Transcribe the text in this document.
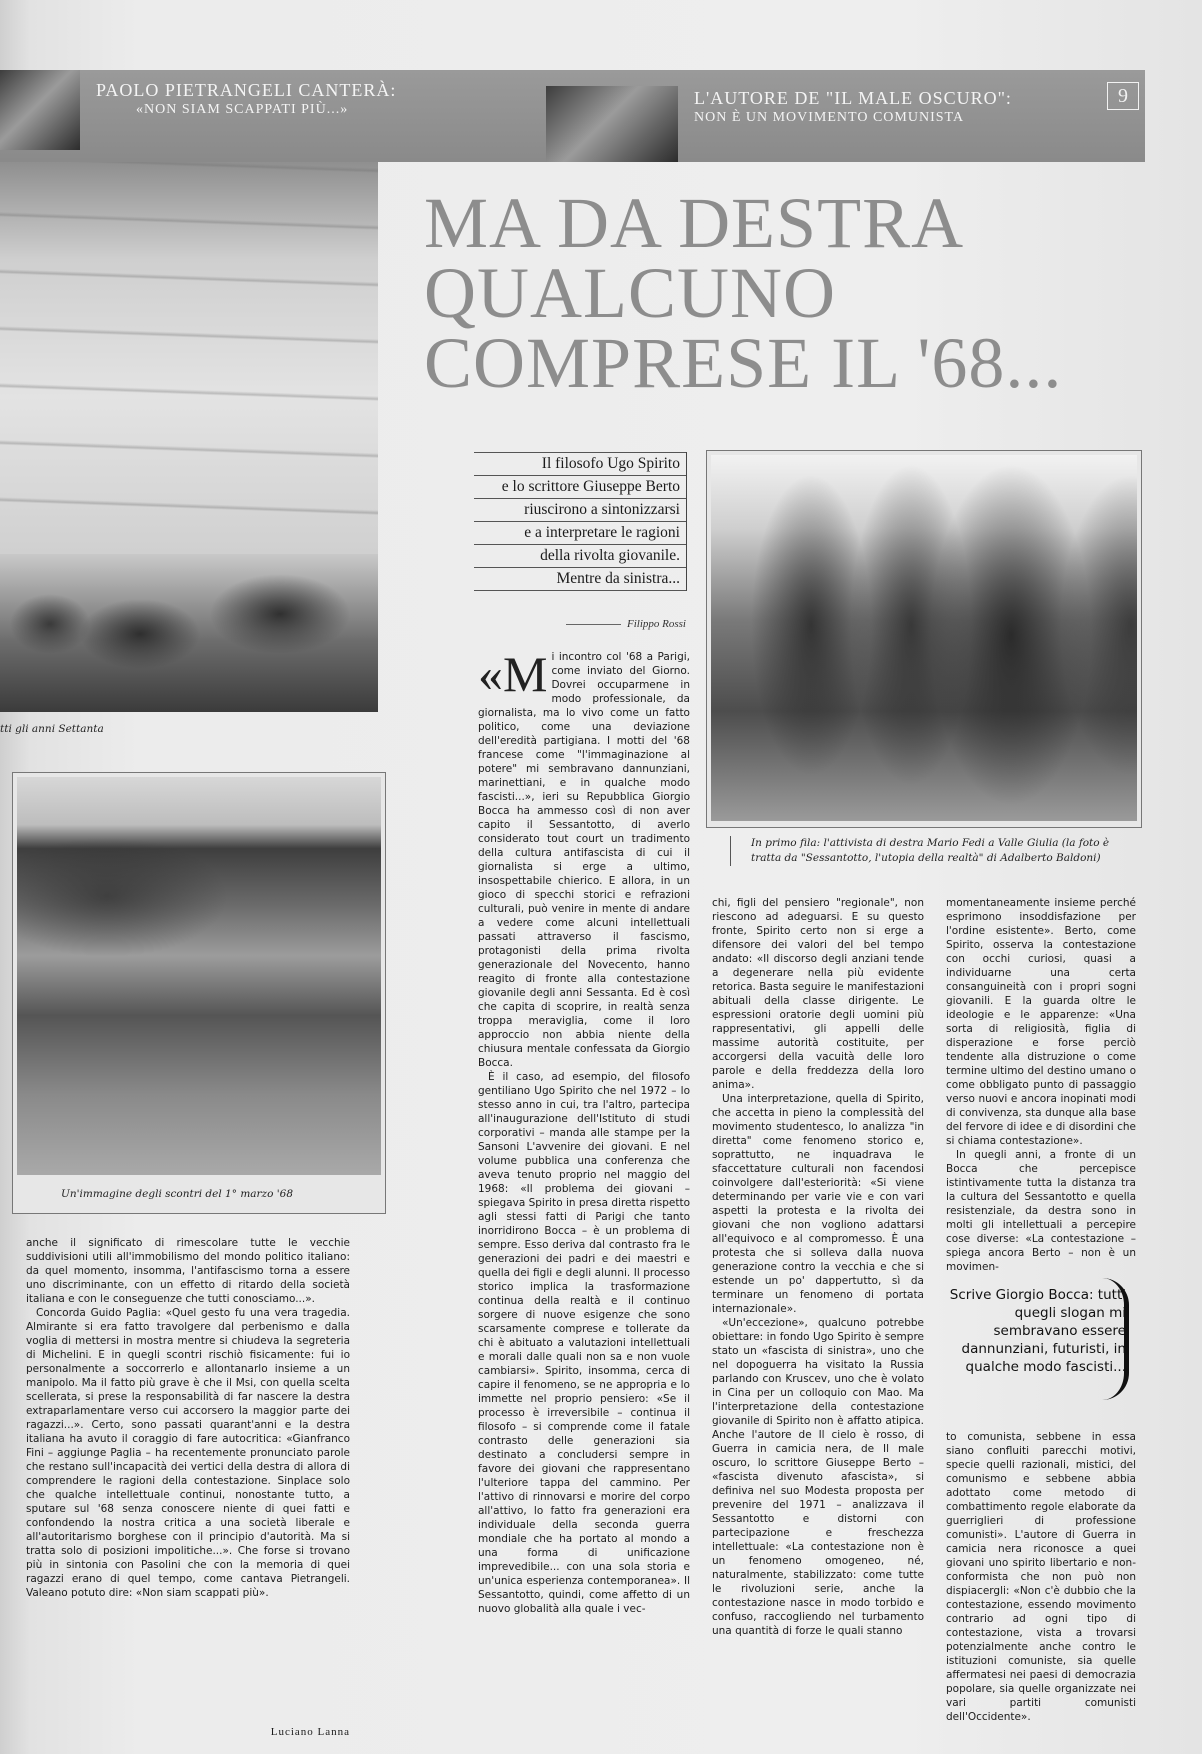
PAOLO PIETRANGELI CANTERÀ:
«NON SIAM SCAPPATI PIÙ...»
L'AUTORE DE "IL MALE OSCURO":
NON È UN MOVIMENTO COMUNISTA
9
tti gli anni Settanta
Un'immagine degli scontri del 1° marzo '68
MA DA DESTRA
QUALCUNO
COMPRESE IL '68...
Il filosofo Ugo Spirito
e lo scrittore Giuseppe Berto
riuscirono a sintonizzarsi
e a interpretare le ragioni
della rivolta giovanile.
Mentre da sinistra...
Filippo Rossi
In primo fila: l'attivista di destra Mario Fedi a Valle Giulia (la foto è tratta da "Sessantotto, l'utopia della realtà" di Adalberto Baldoni)
«M i incontro col '68 a Parigi, come inviato del Giorno. Dovrei occuparmene in modo professionale, da giornalista, ma lo vivo come un fatto politico, come una deviazione dell'eredità partigiana. I motti del '68 francese come "l'immaginazione al potere" mi sembravano dannunziani, marinettiani, e in qualche modo fascisti...», ieri su Repubblica Giorgio Bocca ha ammesso così di non aver capito il Sessantotto, di averlo considerato tout court un tradimento della cultura antifascista di cui il giornalista si erge a ultimo, insospettabile chierico. E allora, in un gioco di specchi storici e refrazioni culturali, può venire in mente di andare a vedere come alcuni intellettuali passati attraverso il fascismo, protagonisti della prima rivolta generazionale del Novecento, hanno reagito di fronte alla contestazione giovanile degli anni Sessanta. Ed è così che capita di scoprire, in realtà senza troppa meraviglia, come il loro approccio non abbia niente della chiusura mentale confessata da Giorgio Bocca.

È il caso, ad esempio, del filosofo gentiliano Ugo Spirito che nel 1972 – lo stesso anno in cui, tra l'altro, partecipa all'inaugurazione dell'Istituto di studi corporativi – manda alle stampe per la Sansoni L'avvenire dei giovani. E nel volume pubblica una conferenza che aveva tenuto proprio nel maggio del 1968: «Il problema dei giovani – spiegava Spirito in presa diretta rispetto agli stessi fatti di Parigi che tanto inorridirono Bocca – è un problema di sempre. Esso deriva dal contrasto fra le generazioni dei padri e dei maestri e quella dei figli e degli alunni. Il processo storico implica la trasformazione continua della realtà e il continuo sorgere di nuove esigenze che sono scarsamente comprese e tollerate da chi è abituato a valutazioni intellettuali e morali dalle quali non sa e non vuole cambiarsi». Spirito, insomma, cerca di capire il fenomeno, se ne appropria e lo immette nel proprio pensiero: «Se il processo è irreversibile – continua il filosofo – si comprende come il fatale contrasto delle generazioni sia destinato a concludersi sempre in favore dei giovani che rappresentano l'ulteriore tappa del cammino. Per l'attivo di rinnovarsi e morire del corpo all'attivo, lo fatto fra generazioni era individuale della seconda guerra mondiale che ha portato al mondo a una forma di unificazione imprevedibile... con una sola storia e un'unica esperienza contemporanea». Il Sessantotto, quindi, come affetto di un nuovo globalità alla quale i vec-

chi, figli del pensiero "regionale", non riescono ad adeguarsi. E su questo fronte, Spirito certo non si erge a difensore dei valori del bel tempo andato: «Il discorso degli anziani tende a degenerare nella più evidente retorica. Basta seguire le manifestazioni abituali della classe dirigente. Le espressioni oratorie degli uomini più rappresentativi, gli appelli delle massime autorità costituite, per accorgersi della vacuità delle loro parole e della freddezza della loro anima».

Una interpretazione, quella di Spirito, che accetta in pieno la complessità del movimento studentesco, lo analizza "in diretta" come fenomeno storico e, soprattutto, ne inquadrava le sfaccettature culturali non facendosi coinvolgere dall'esteriorità: «Si viene determinando per varie vie e con vari aspetti la protesta e la rivolta dei giovani che non vogliono adattarsi all'equivoco e al compromesso. È una protesta che si solleva dalla nuova generazione contro la vecchia e che si estende un po' dappertutto, sì da terminare un fenomeno di portata internazionale».

«Un'eccezione», qualcuno potrebbe obiettare: in fondo Ugo Spirito è sempre stato un «fascista di sinistra», uno che nel dopoguerra ha visitato la Russia parlando con Kruscev, uno che è volato in Cina per un colloquio con Mao. Ma l'interpretazione della contestazione giovanile di Spirito non è affatto atipica. Anche l'autore de Il cielo è rosso, di Guerra in camicia nera, de Il male oscuro, lo scrittore Giuseppe Berto – «fascista divenuto afascista», si definiva nel suo Modesta proposta per prevenire del 1971 – analizzava il Sessantotto e distorni con partecipazione e freschezza intellettuale: «La contestazione non è un fenomeno omogeneo, né, naturalmente, stabilizzato: come tutte le rivoluzioni serie, anche la contestazione nasce in modo torbido e confuso, raccogliendo nel turbamento una quantità di forze le quali stanno

momentaneamente insieme perché esprimono insoddisfazione per l'ordine esistente». Berto, come Spirito, osserva la contestazione con occhi curiosi, quasi a individuarne una certa consanguineità con i propri sogni giovanili. E la guarda oltre le ideologie e le apparenze: «Una sorta di religiosità, figlia di disperazione e forse perciò tendente alla distruzione o come termine ultimo del destino umano o come obbligato punto di passaggio verso nuovi e ancora inopinati modi di convivenza, sta dunque alla base del fervore di idee e di disordini che si chiama contestazione».

In quegli anni, a fronte di un Bocca che percepisce istintivamente tutta la distanza tra la cultura del Sessantotto e quella resistenziale, da destra sono in molti gli intellettuali a percepire cose diverse: «La contestazione – spiega ancora Berto – non è un movimen-

Scrive Giorgio Bocca: tutti quegli slogan mi sembravano essere dannunziani, futuristi, in qualche modo fascisti...

to comunista, sebbene in essa siano confluiti parecchi motivi, specie quelli razionali, mistici, del comunismo e sebbene abbia adottato come metodo di combattimento regole elaborate da guerriglieri di professione comunisti». L'autore di Guerra in camicia nera riconosce a quei giovani uno spirito libertario e non-conformista che non può non dispiacergli: «Non c'è dubbio che la contestazione, essendo movimento contrario ad ogni tipo di contestazione, vista a trovarsi potenzialmente anche contro le istituzioni comuniste, sia quelle affermatesi nei paesi di democrazia popolare, sia quelle organizzate nei vari partiti comunisti dell'Occidente».

anche il significato di rimescolare tutte le vecchie suddivisioni utili all'immobilismo del mondo politico italiano: da quel momento, insomma, l'antifascismo torna a essere uno discriminante, con un effetto di ritardo della società italiana e con le conseguenze che tutti conosciamo...».

Concorda Guido Paglia: «Quel gesto fu una vera tragedia. Almirante si era fatto travolgere dal perbenismo e dalla voglia di mettersi in mostra mentre si chiudeva la segreteria di Michelini. E in quegli scontri rischiò fisicamente: fui io personalmente a soccorrerlo e allontanarlo insieme a un manipolo. Ma il fatto più grave è che il Msi, con quella scelta scellerata, si prese la responsabilità di far nascere la destra extraparlamentare verso cui accorsero la maggior parte dei ragazzi...». Certo, sono passati quarant'anni e la destra italiana ha avuto il coraggio di fare autocritica: «Gianfranco Fini – aggiunge Paglia – ha recentemente pronunciato parole che restano sull'incapacità dei vertici della destra di allora di comprendere le ragioni della contestazione. Sinplace solo che qualche intellettuale continui, nonostante tutto, a sputare sul '68 senza conoscere niente di quei fatti e confondendo la nostra critica a una società liberale e all'autoritarismo borghese con il principio d'autorità. Ma si tratta solo di posizioni impolitiche...». Che forse si trovano più in sintonia con Pasolini che con la memoria di quei ragazzi erano di quel tempo, come cantava Pietrangeli. Valeano potuto dire: «Non siam scappati più».

Luciano Lanna
